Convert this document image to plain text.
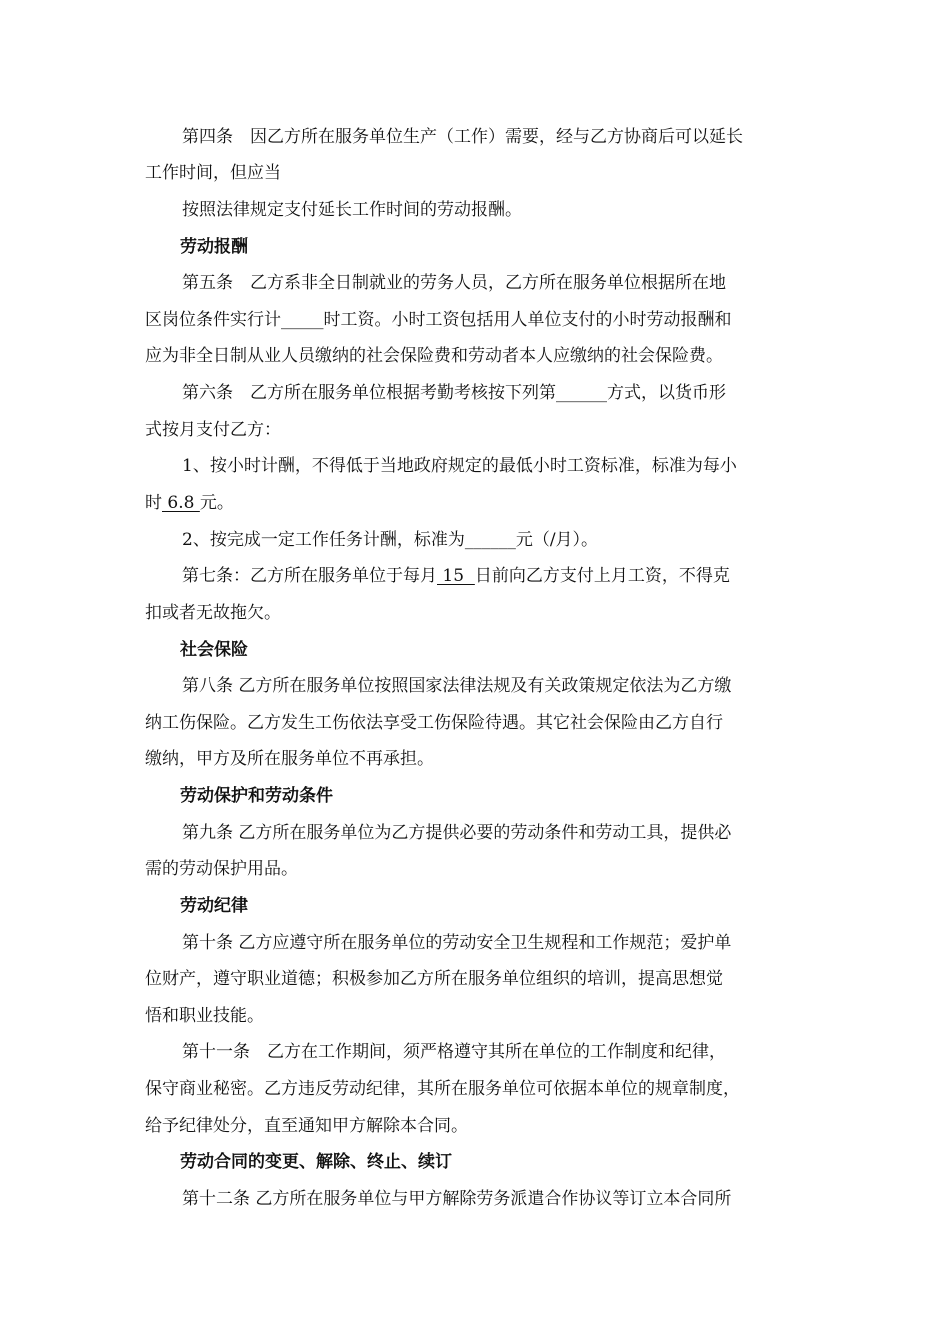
第四条　因乙方所在服务单位生产（工作）需要，经与乙方协商后可以延长
工作时间，但应当
按照法律规定支付延长工作时间的劳动报酬。
劳动报酬
第五条　乙方系非全日制就业的劳务人员，乙方所在服务单位根据所在地
区岗位条件实行计_____时工资。小时工资包括用人单位支付的小时劳动报酬和
应为非全日制从业人员缴纳的社会保险费和劳动者本人应缴纳的社会保险费。
第六条　乙方所在服务单位根据考勤考核按下列第______方式，以货币形
式按月支付乙方：
1、按小时计酬，不得低于当地政府规定的最低小时工资标准，标准为每小
时 6.8 元。
2、按完成一定工作任务计酬，标准为______元（/月）。
第七条：乙方所在服务单位于每月 15  日前向乙方支付上月工资，不得克
扣或者无故拖欠。
社会保险
第八条 乙方所在服务单位按照国家法律法规及有关政策规定依法为乙方缴
纳工伤保险。乙方发生工伤依法享受工伤保险待遇。其它社会保险由乙方自行
缴纳，甲方及所在服务单位不再承担。
劳动保护和劳动条件
第九条 乙方所在服务单位为乙方提供必要的劳动条件和劳动工具，提供必
需的劳动保护用品。
劳动纪律
第十条 乙方应遵守所在服务单位的劳动安全卫生规程和工作规范；爱护单
位财产，遵守职业道德；积极参加乙方所在服务单位组织的培训，提高思想觉
悟和职业技能。
第十一条　乙方在工作期间，须严格遵守其所在单位的工作制度和纪律，
保守商业秘密。乙方违反劳动纪律，其所在服务单位可依据本单位的规章制度，
给予纪律处分，直至通知甲方解除本合同。
劳动合同的变更、解除、终止、续订
第十二条 乙方所在服务单位与甲方解除劳务派遣合作协议等订立本合同所
